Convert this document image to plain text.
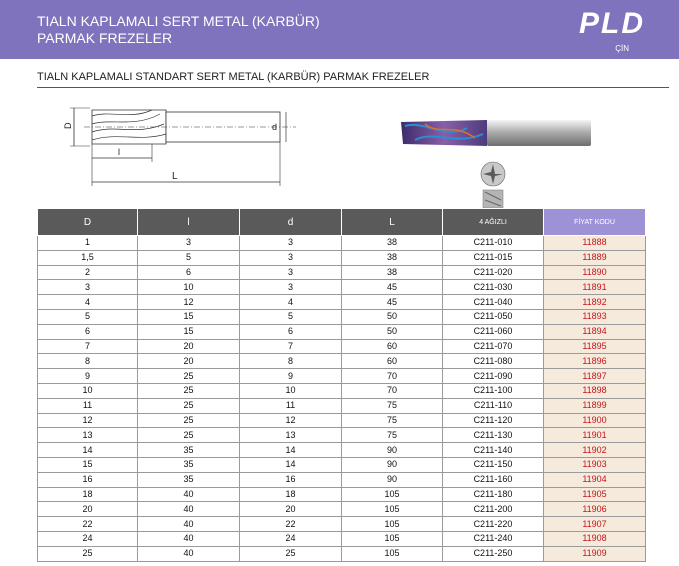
TIALN KAPLAMALI SERT METAL (KARBÜR)
PARMAK FREZELER	PLD
ÇİN
TIALN KAPLAMALI STANDART SERT METAL (KARBÜR) PARMAK FREZELER
D	d
l
L
D	l	d	L	4 AĞIZLI	FİYAT KODU
1	3	3	38	C211-010	11888
1,5	5	3	38	C211-015	11889
2	6	3	38	C211-020	11890
3	10	3	45	C211-030	11891
4	12	4	45	C211-040	11892
5	15	5	50	C211-050	11893
6	15	6	50	C211-060	11894
7	20	7	60	C211-070	11895
8	20	8	60	C211-080	11896
9	25	9	70	C211-090	11897
10	25	10	70	C211-100	11898
11	25	11	75	C211-110	11899
12	25	12	75	C211-120	11900
13	25	13	75	C211-130	11901
14	35	14	90	C211-140	11902
15	35	14	90	C211-150	11903
16	35	16	90	C211-160	11904
18	40	18	105	C211-180	11905
20	40	20	105	C211-200	11906
22	40	22	105	C211-220	11907
24	40	24	105	C211-240	11908
25	40	25	105	C211-250	11909
